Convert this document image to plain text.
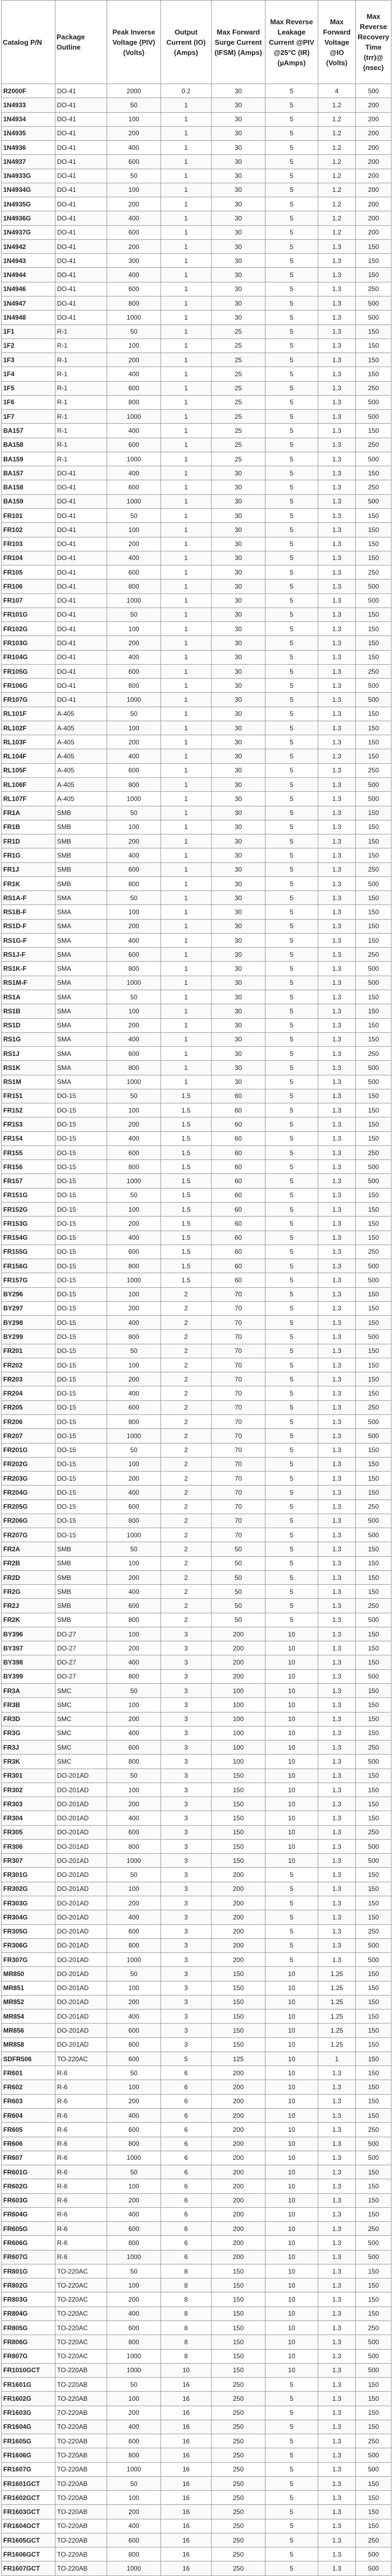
Catalog P/N	Package Outline	Peak Inverse Voltage (PIV) (Volts)	Output Current (IO) (Amps)	Max Forward Surge Current (IFSM) (Amps)	Max Reverse Leakage Current @PIV @25°C (IR) (µAmps)	Max Forward Voltage @IO (Volts)	Max Reverse Recovery Time (trr)@ (nsec)
R2000F	DO-41	2000	0.2	30	5	4	500
1N4933	DO-41	50	1	30	5	1.2	200
1N4934	DO-41	100	1	30	5	1.2	200
1N4935	DO-41	200	1	30	5	1.2	200
1N4936	DO-41	400	1	30	5	1.2	200
1N4937	DO-41	600	1	30	5	1.2	200
1N4933G	DO-41	50	1	30	5	1.2	200
1N4934G	DO-41	100	1	30	5	1.2	200
1N4935G	DO-41	200	1	30	5	1.2	200
1N4936G	DO-41	400	1	30	5	1.2	200
1N4937G	DO-41	600	1	30	5	1.2	200
1N4942	DO-41	200	1	30	5	1.3	150
1N4943	DO-41	300	1	30	5	1.3	150
1N4944	DO-41	400	1	30	5	1.3	150
1N4946	DO-41	600	1	30	5	1.3	250
1N4947	DO-41	800	1	30	5	1.3	500
1N4948	DO-41	1000	1	30	5	1.3	500
1F1	R-1	50	1	25	5	1.3	150
1F2	R-1	100	1	25	5	1.3	150
1F3	R-1	200	1	25	5	1.3	150
1F4	R-1	400	1	25	5	1.3	150
1F5	R-1	600	1	25	5	1.3	250
1F6	R-1	800	1	25	5	1.3	500
1F7	R-1	1000	1	25	5	1.3	500
BA157	R-1	400	1	25	5	1.3	150
BA158	R-1	600	1	25	5	1.3	250
BA159	R-1	1000	1	25	5	1.3	500
BA157	DO-41	400	1	30	5	1.3	150
BA158	DO-41	600	1	30	5	1.3	250
BA159	DO-41	1000	1	30	5	1.3	500
FR101	DO-41	50	1	30	5	1.3	150
FR102	DO-41	100	1	30	5	1.3	150
FR103	DO-41	200	1	30	5	1.3	150
FR104	DO-41	400	1	30	5	1.3	150
FR105	DO-41	600	1	30	5	1.3	250
FR106	DO-41	800	1	30	5	1.3	500
FR107	DO-41	1000	1	30	5	1.3	500
FR101G	DO-41	50	1	30	5	1.3	150
FR102G	DO-41	100	1	30	5	1.3	150
FR103G	DO-41	200	1	30	5	1.3	150
FR104G	DO-41	400	1	30	5	1.3	150
FR105G	DO-41	600	1	30	5	1.3	250
FR106G	DO-41	800	1	30	5	1.3	500
FR107G	DO-41	1000	1	30	5	1.3	500
RL101F	A-405	50	1	30	5	1.3	150
RL102F	A-405	100	1	30	5	1.3	150
RL103F	A-405	200	1	30	5	1.3	150
RL104F	A-405	400	1	30	5	1.3	150
RL105F	A-405	600	1	30	5	1.3	250
RL106F	A-405	800	1	30	5	1.3	500
RL107F	A-405	1000	1	30	5	1.3	500
FR1A	SMB	50	1	30	5	1.3	150
FR1B	SMB	100	1	30	5	1.3	150
FR1D	SMB	200	1	30	5	1.3	150
FR1G	SMB	400	1	30	5	1.3	150
FR1J	SMB	600	1	30	5	1.3	250
FR1K	SMB	800	1	30	5	1.3	500
RS1A-F	SMA	50	1	30	5	1.3	150
RS1B-F	SMA	100	1	30	5	1.3	150
RS1D-F	SMA	200	1	30	5	1.3	150
RS1G-F	SMA	400	1	30	5	1.3	150
RS1J-F	SMA	600	1	30	5	1.3	250
RS1K-F	SMA	800	1	30	5	1.3	500
RS1M-F	SMA	1000	1	30	5	1.3	500
RS1A	SMA	50	1	30	5	1.3	150
RS1B	SMA	100	1	30	5	1.3	150
RS1D	SMA	200	1	30	5	1.3	150
RS1G	SMA	400	1	30	5	1.3	150
RS1J	SMA	600	1	30	5	1.3	250
RS1K	SMA	800	1	30	5	1.3	500
RS1M	SMA	1000	1	30	5	1.3	500
FR151	DO-15	50	1.5	60	5	1.3	150
FR152	DO-15	100	1.5	60	5	1.3	150
FR153	DO-15	200	1.5	60	5	1.3	150
FR154	DO-15	400	1.5	60	5	1.3	150
FR155	DO-15	600	1.5	60	5	1.3	250
FR156	DO-15	800	1.5	60	5	1.3	500
FR157	DO-15	1000	1.5	60	5	1.3	500
FR151G	DO-15	50	1.5	60	5	1.3	150
FR152G	DO-15	100	1.5	60	5	1.3	150
FR153G	DO-15	200	1.5	60	5	1.3	150
FR154G	DO-15	400	1.5	60	5	1.3	150
FR155G	DO-15	600	1.5	60	5	1.3	250
FR156G	DO-15	800	1.5	60	5	1.3	500
FR157G	DO-15	1000	1.5	60	5	1.3	500
BY296	DO-15	100	2	70	5	1.3	150
BY297	DO-15	200	2	70	5	1.3	150
BY298	DO-15	400	2	70	5	1.3	150
BY299	DO-15	800	2	70	5	1.3	500
FR201	DO-15	50	2	70	5	1.3	150
FR202	DO-15	100	2	70	5	1.3	150
FR203	DO-15	200	2	70	5	1.3	150
FR204	DO-15	400	2	70	5	1.3	150
FR205	DO-15	600	2	70	5	1.3	250
FR206	DO-15	800	2	70	5	1.3	500
FR207	DO-15	1000	2	70	5	1.3	500
FR201G	DO-15	50	2	70	5	1.3	150
FR202G	DO-15	100	2	70	5	1.3	150
FR203G	DO-15	200	2	70	5	1.3	150
FR204G	DO-15	400	2	70	5	1.3	150
FR205G	DO-15	600	2	70	5	1.3	250
FR206G	DO-15	800	2	70	5	1.3	500
FR207G	DO-15	1000	2	70	5	1.3	500
FR2A	SMB	50	2	50	5	1.3	150
FR2B	SMB	100	2	50	5	1.3	150
FR2D	SMB	200	2	50	5	1.3	150
FR2G	SMB	400	2	50	5	1.3	150
FR2J	SMB	600	2	50	5	1.3	250
FR2K	SMB	800	2	50	5	1.3	500
BY396	DO-27	100	3	200	10	1.3	150
BY397	DO-27	200	3	200	10	1.3	150
BY398	DO-27	400	3	200	10	1.3	150
BY399	DO-27	800	3	200	10	1.3	500
FR3A	SMC	50	3	100	10	1.3	150
FR3B	SMC	100	3	100	10	1.3	150
FR3D	SMC	200	3	100	10	1.3	150
FR3G	SMC	400	3	100	10	1.3	150
FR3J	SMC	600	3	100	10	1.3	250
FR3K	SMC	800	3	100	10	1.3	500
FR301	DO-201AD	50	3	150	10	1.3	150
FR302	DO-201AD	100	3	150	10	1.3	150
FR303	DO-201AD	200	3	150	10	1.3	150
FR304	DO-201AD	400	3	150	10	1.3	150
FR305	DO-201AD	600	3	150	10	1.3	250
FR306	DO-201AD	800	3	150	10	1.3	500
FR307	DO-201AD	1000	3	150	10	1.3	500
FR301G	DO-201AD	50	3	200	5	1.3	150
FR302G	DO-201AD	100	3	200	5	1.3	150
FR303G	DO-201AD	200	3	200	5	1.3	150
FR304G	DO-201AD	400	3	200	5	1.3	150
FR305G	DO-201AD	600	3	200	5	1.3	250
FR306G	DO-201AD	800	3	200	5	1.3	500
FR307G	DO-201AD	1000	3	200	5	1.3	500
MR850	DO-201AD	50	3	150	10	1.25	150
MR851	DO-201AD	100	3	150	10	1.25	150
MR852	DO-201AD	200	3	150	10	1.25	150
MR854	DO-201AD	400	3	150	10	1.25	150
MR856	DO-201AD	600	3	150	10	1.25	150
MR858	DO-201AD	800	3	150	10	1.25	150
SDFR506	TO-220AC	600	5	125	10	1	150
FR601	R-6	50	6	200	10	1.3	150
FR602	R-6	100	6	200	10	1.3	150
FR603	R-6	200	6	200	10	1.3	150
FR604	R-6	400	6	200	10	1.3	150
FR605	R-6	600	6	200	10	1.3	250
FR606	R-6	800	6	200	10	1.3	500
FR607	R-6	1000	6	200	10	1.3	500
FR601G	R-6	50	6	200	10	1.3	150
FR602G	R-6	100	6	200	10	1.3	150
FR603G	R-6	200	6	200	10	1.3	150
FR604G	R-6	400	6	200	10	1.3	150
FR605G	R-6	600	6	200	10	1.3	250
FR606G	R-6	800	6	200	10	1.3	500
FR607G	R-6	1000	6	200	10	1.3	500
FR801G	TO-220AC	50	8	150	10	1.3	150
FR802G	TO-220AC	100	8	150	10	1.3	150
FR803G	TO-220AC	200	8	150	10	1.3	150
FR804G	TO-220AC	400	8	150	10	1.3	150
FR805G	TO-220AC	600	8	150	10	1.3	250
FR806G	TO-220AC	800	8	150	10	1.3	500
FR807G	TO-220AC	1000	8	150	10	1.3	500
FR1010GCT	TO-220AB	1000	10	150	10	1.3	500
FR1601G	TO-220AB	50	16	250	5	1.3	150
FR1602G	TO-220AB	100	16	250	5	1.3	150
FR1603G	TO-220AB	200	16	250	5	1.3	150
FR1604G	TO-220AB	400	16	250	5	1.3	150
FR1605G	TO-220AB	600	16	250	5	1.3	250
FR1606G	TO-220AB	800	16	250	5	1.3	500
FR1607G	TO-220AB	1000	16	250	5	1.3	500
FR1601GCT	TO-220AB	50	16	250	5	1.3	150
FR1602GCT	TO-220AB	100	16	250	5	1.3	150
FR1603GCT	TO-220AB	200	16	250	5	1.3	150
FR1604GCT	TO-220AB	400	16	250	5	1.3	150
FR1605GCT	TO-220AB	600	16	250	5	1.3	250
FR1606GCT	TO-220AB	800	16	250	5	1.3	500
FR1607GCT	TO-220AB	1000	16	250	5	1.3	500
